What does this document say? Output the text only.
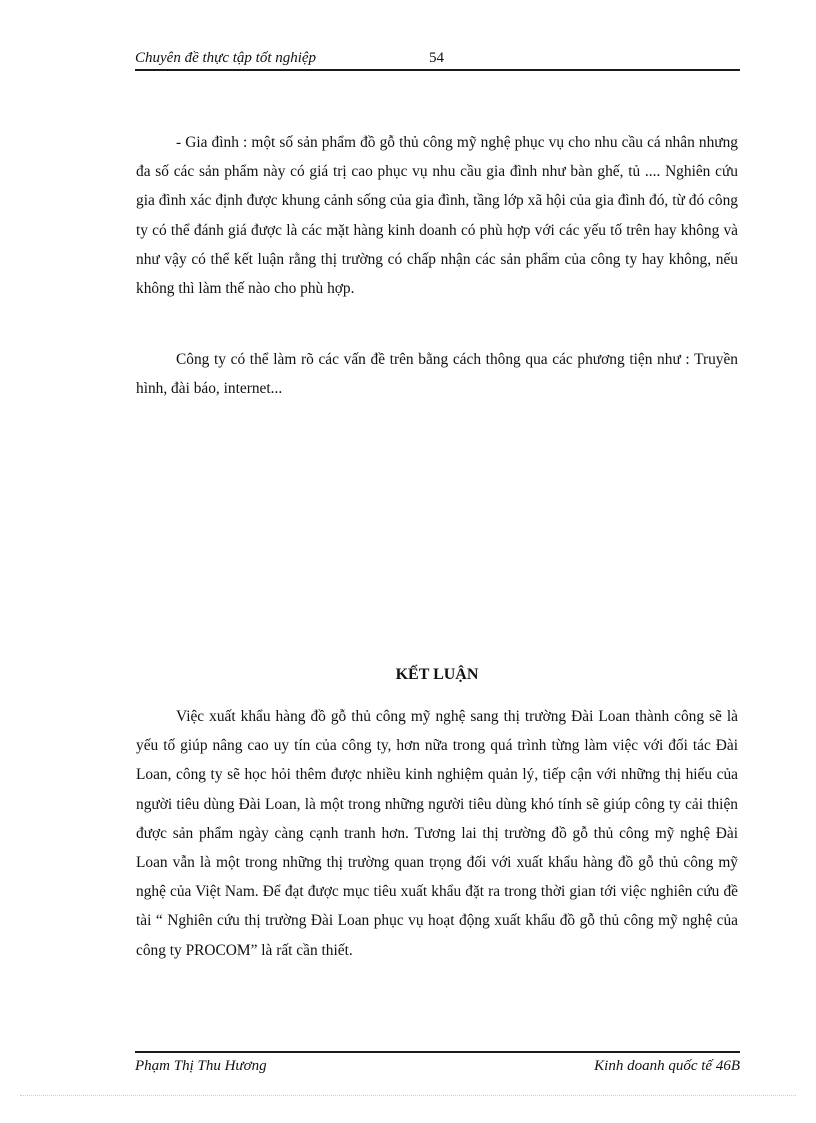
Chuyên đề thực tập tốt nghiệp	54

- Gia đình : một số sản phẩm đồ gỗ thủ công mỹ nghệ phục vụ cho nhu cầu cá nhân nhưng đa số các sản phẩm này có giá trị cao phục vụ nhu cầu gia đình như bàn ghế, tủ .... Nghiên cứu gia đình xác định được khung cảnh sống của gia đình, tầng lớp xã hội của gia đình đó, từ đó công ty có thể đánh giá được là các mặt hàng kinh doanh có phù hợp với các yếu tố trên hay không và như vậy có thể kết luận rằng thị trường có chấp nhận các sản phẩm của công ty hay không, nếu không thì làm thế nào cho phù hợp.

Công ty có thể làm rõ các vấn đề trên bằng cách thông qua các phương tiện như : Truyền hình, đài báo, internet...

KẾT LUẬN

Việc xuất khẩu hàng đồ gỗ thủ công mỹ nghệ sang thị trường Đài Loan thành công sẽ là yếu tố giúp nâng cao uy tín của công ty, hơn nữa trong quá trình từng làm việc với đối tác Đài Loan, công ty sẽ học hỏi thêm được nhiều kinh nghiệm quản lý, tiếp cận với những thị hiếu của người tiêu dùng Đài Loan, là một trong những người tiêu dùng khó tính sẽ giúp công ty cải thiện được sản phẩm ngày càng cạnh tranh hơn. Tương lai thị trường đồ gỗ thủ công mỹ nghệ Đài Loan vẫn là một trong những thị trường quan trọng đối với xuất khẩu hàng đồ gỗ thủ công mỹ nghệ của Việt Nam. Để đạt được mục tiêu xuất khẩu đặt ra trong thời gian tới việc nghiên cứu đề tài “ Nghiên cứu thị trường Đài Loan phục vụ hoạt động xuất khẩu đồ gỗ thủ công mỹ nghệ của công ty PROCOM” là rất cần thiết.

Phạm Thị Thu Hương	Kinh doanh quốc tế 46B
